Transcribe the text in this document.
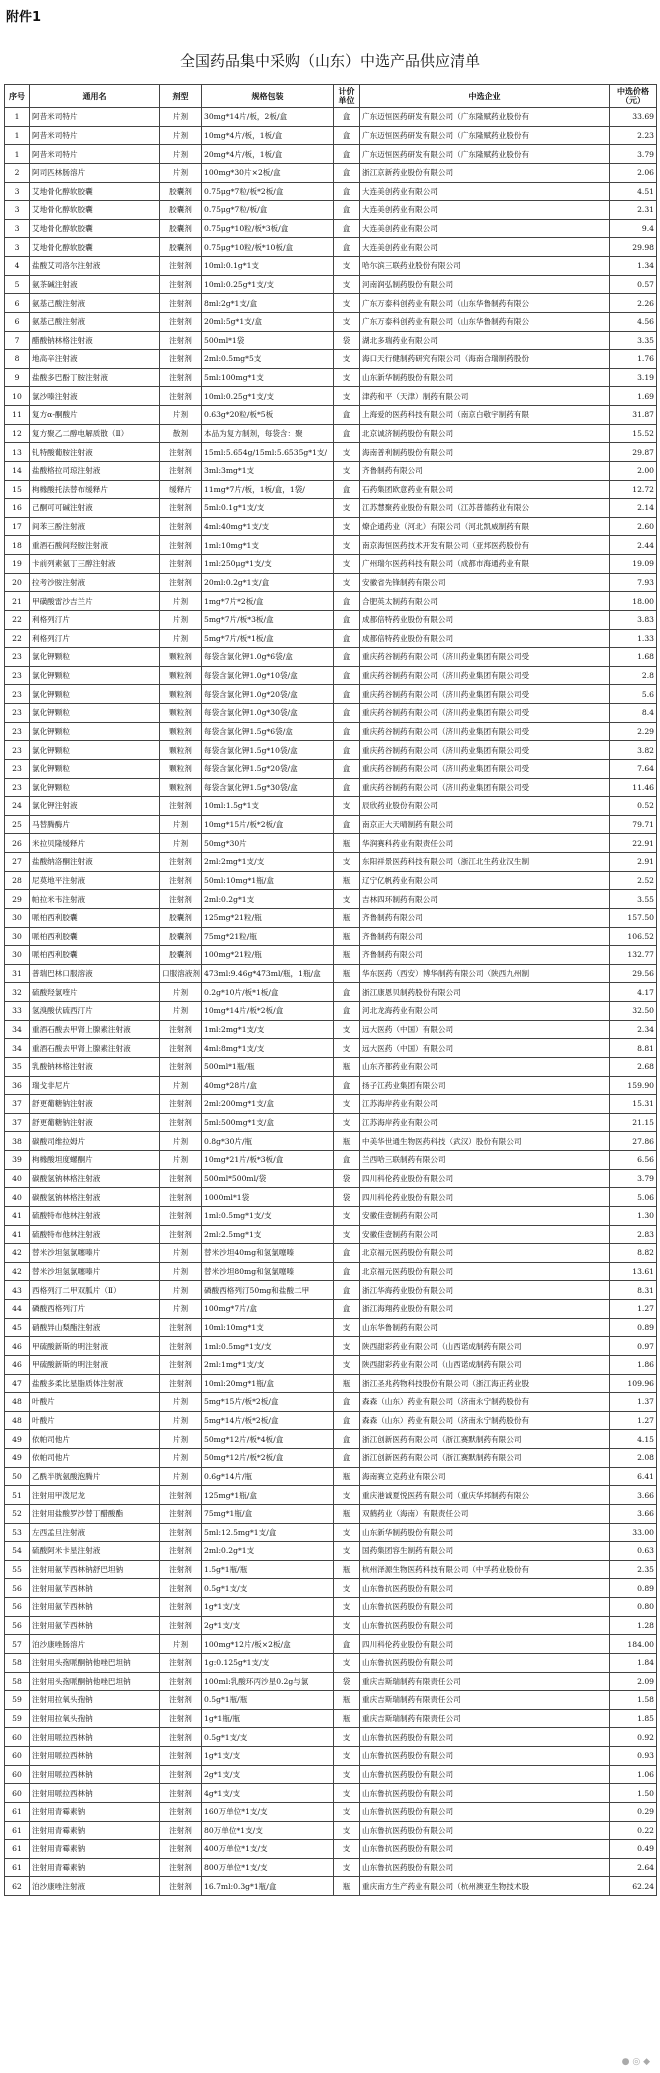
附件1
全国药品集中采购（山东）中选产品供应清单
序号	通用名	剂型	规格包装	计价单位	中选企业	中选价格（元）
1	阿昔米司特片	片剂	30mg*14片/板，2板/盒	盒	广东迈恒医药研发有限公司（广东隆赋药业股份有	33.69
1	阿昔米司特片	片剂	10mg*4片/板，1板/盒	盒	广东迈恒医药研发有限公司（广东隆赋药业股份有	2.23
1	阿昔米司特片	片剂	20mg*4片/板，1板/盒	盒	广东迈恒医药研发有限公司（广东隆赋药业股份有	3.79
2	阿司匹林肠溶片	片剂	100mg*30片×2板/盒	盒	浙江京新药业股份有限公司	2.06
3	艾地骨化醇软胶囊	胶囊剂	0.75μg*7粒/板*2板/盒	盒	大连美创药业有限公司	4.51
3	艾地骨化醇软胶囊	胶囊剂	0.75μg*7粒/板/盒	盒	大连美创药业有限公司	2.31
3	艾地骨化醇软胶囊	胶囊剂	0.75μg*10粒/板*3板/盒	盒	大连美创药业有限公司	9.4
3	艾地骨化醇软胶囊	胶囊剂	0.75μg*10粒/板*10板/盒	盒	大连美创药业有限公司	29.98
4	盐酸艾司洛尔注射液	注射剂	10ml:0.1g*1支	支	哈尔滨三联药业股份有限公司	1.34
5	氨茶碱注射液	注射剂	10ml:0.25g*1支/支	支	河南润弘制药股份有限公司	0.57
6	氨基己酸注射液	注射剂	8ml:2g*1支/盒	支	广东万泰科创药业有限公司（山东华鲁制药有限公	2.26
6	氨基己酸注射液	注射剂	20ml:5g*1支/盒	支	广东万泰科创药业有限公司（山东华鲁制药有限公	4.56
7	醋酸钠林格注射液	注射剂	500ml*1袋	袋	湖北多瑞药业有限公司	3.35
8	地高辛注射液	注射剂	2ml:0.5mg*5支	支	海口天行健制药研究有限公司（海南合瑞制药股份	1.76
9	盐酸多巴酚丁胺注射液	注射剂	5ml:100mg*1支	支	山东新华制药股份有限公司	3.19
10	氯沙嗪注射液	注射剂	10ml:0.25g*1支/支	支	津药和平（天津）制药有限公司	1.69
11	复方α-酮酸片	片剂	0.63g*20粒/板*5板	盒	上海爱的医药科技有限公司（南京白敬宇制药有限	31.87
12	复方聚乙二醇电解质散（Ⅱ）	散剂	本品为复方制剂，每袋含：聚	盒	北京诚济制药股份有限公司	15.52
13	钆特酸葡胺注射液	注射剂	15ml:5.654g/15ml:5.6535g*1支/	支	海南普利制药股份有限公司	29.87
14	盐酸格拉司琼注射液	注射剂	3ml:3mg*1支	支	齐鲁制药有限公司	2.00
15	枸橼酸托法替布缓释片	缓释片	11mg*7片/板，1板/盒，1袋/	盒	石药集团欧意药业有限公司	12.72
16	己酮可可碱注射液	注射剂	5ml:0.1g*1支/支	支	江苏慧聚药业股份有限公司（江苏普德药业有限公	2.14
17	间苯三酚注射液	注射剂	4ml:40mg*1支/支	支	燎企通药业（河北）有限公司（河北凯威制药有限	2.60
18	重酒石酸间羟胺注射液	注射剂	1ml:10mg*1支	支	南京海恒医药技术开发有限公司（亚邦医药股份有	2.44
19	卡前列素氨丁三醇注射液	注射剂	1ml:250μg*1支/支	支	广州瑞尔医药科技有限公司（成都市海通药业有限	19.09
20	拉考沙胺注射液	注射剂	20ml:0.2g*1支/盒	支	安徽省先锋制药有限公司	7.93
21	甲磺酸雷沙吉兰片	片剂	1mg*7片*2板/盒	盒	合肥英太制药有限公司	18.00
22	利格列汀片	片剂	5mg*7片/板*3板/盒	盒	成都倍特药业股份有限公司	3.83
22	利格列汀片	片剂	5mg*7片/板*1板/盒	盒	成都倍特药业股份有限公司	1.33
23	氯化钾颗粒	颗粒剂	每袋含氯化钾1.0g*6袋/盒	盒	重庆药谷制药有限公司（济川药业集团有限公司受	1.68
23	氯化钾颗粒	颗粒剂	每袋含氯化钾1.0g*10袋/盒	盒	重庆药谷制药有限公司（济川药业集团有限公司受	2.8
23	氯化钾颗粒	颗粒剂	每袋含氯化钾1.0g*20袋/盒	盒	重庆药谷制药有限公司（济川药业集团有限公司受	5.6
23	氯化钾颗粒	颗粒剂	每袋含氯化钾1.0g*30袋/盒	盒	重庆药谷制药有限公司（济川药业集团有限公司受	8.4
23	氯化钾颗粒	颗粒剂	每袋含氯化钾1.5g*6袋/盒	盒	重庆药谷制药有限公司（济川药业集团有限公司受	2.29
23	氯化钾颗粒	颗粒剂	每袋含氯化钾1.5g*10袋/盒	盒	重庆药谷制药有限公司（济川药业集团有限公司受	3.82
23	氯化钾颗粒	颗粒剂	每袋含氯化钾1.5g*20袋/盒	盒	重庆药谷制药有限公司（济川药业集团有限公司受	7.64
23	氯化钾颗粒	颗粒剂	每袋含氯化钾1.5g*30袋/盒	盒	重庆药谷制药有限公司（济川药业集团有限公司受	11.46
24	氯化钾注射液	注射剂	10ml:1.5g*1支	支	辰欣药业股份有限公司	0.52
25	马替腾酶片	片剂	10mg*15片/板*2板/盒	盒	南京正大天晴制药有限公司	79.71
26	米拉贝隆缓释片	片剂	50mg*30片	瓶	华润赛科药业有限责任公司	22.91
27	盐酸纳洛酮注射液	注射剂	2ml:2mg*1支/支	支	东阳祥景医药科技有限公司（浙江北生药业汉生制	2.91
28	尼莫地平注射液	注射剂	50ml:10mg*1瓶/盒	瓶	辽宁亿帆药业有限公司	2.52
29	帕拉米韦注射液	注射剂	2ml:0.2g*1支	支	吉林四环制药有限公司	3.55
30	哌柏西利胶囊	胶囊剂	125mg*21粒/瓶	瓶	齐鲁制药有限公司	157.50
30	哌柏西利胶囊	胶囊剂	75mg*21粒/瓶	瓶	齐鲁制药有限公司	106.52
30	哌柏西利胶囊	胶囊剂	100mg*21粒/瓶	瓶	齐鲁制药有限公司	132.77
31	普瑞巴林口服溶液	口服溶液剂	473ml:9.46g*473ml/瓶，1瓶/盒	瓶	华东医药（西安）博华制药有限公司（陕西九州制	29.56
32	硫酸羟氯喹片	片剂	0.2g*10片/板*1板/盒	盒	浙江康恩贝制药股份有限公司	4.17
33	氢溴酸伏硫西汀片	片剂	10mg*14片/板*2板/盒	盒	河北龙海药业有限公司	32.50
34	重酒石酸去甲肾上腺素注射液	注射剂	1ml:2mg*1支/支	支	远大医药（中国）有限公司	2.34
34	重酒石酸去甲肾上腺素注射液	注射剂	4ml:8mg*1支/支	支	远大医药（中国）有限公司	8.81
35	乳酸钠林格注射液	注射剂	500ml*1瓶/瓶	瓶	山东齐都药业有限公司	2.68
36	瑞戈非尼片	片剂	40mg*28片/盒	盒	扬子江药业集团有限公司	159.90
37	舒更葡糖钠注射液	注射剂	2ml:200mg*1支/盒	支	江苏海岸药业有限公司	15.31
37	舒更葡糖钠注射液	注射剂	5ml:500mg*1支/盒	支	江苏海岸药业有限公司	21.15
38	碳酸司维拉姆片	片剂	0.8g*30片/瓶	瓶	中美华世通生物医药科技（武汉）股份有限公司	27.86
39	枸橼酸坦度螺酮片	片剂	10mg*21片/板*3板/盒	盒	兰西哈三联制药有限公司	6.56
40	碳酸氢钠林格注射液	注射剂	500ml*500ml/袋	袋	四川科伦药业股份有限公司	3.79
40	碳酸氢钠林格注射液	注射剂	1000ml*1袋	袋	四川科伦药业股份有限公司	5.06
41	硫酸特布他林注射液	注射剂	1ml:0.5mg*1支/支	支	安徽佳壹制药有限公司	1.30
41	硫酸特布他林注射液	注射剂	2ml:2.5mg*1支	支	安徽佳壹制药有限公司	2.83
42	替米沙坦氢氯噻嗪片	片剂	替米沙坦40mg和氢氯噻嗪	盒	北京福元医药股份有限公司	8.82
42	替米沙坦氢氯噻嗪片	片剂	替米沙坦80mg和氢氯噻嗪	盒	北京福元医药股份有限公司	13.61
43	西格列汀二甲双胍片（Ⅱ）	片剂	磷酸西格列汀50mg和盐酸二甲	盒	浙江华海药业股份有限公司	8.31
44	磷酸西格列汀片	片剂	100mg*7片/盒	盒	浙江海翔药业股份有限公司	1.27
45	硝酸异山梨酯注射液	注射剂	10ml:10mg*1支	支	山东华鲁制药有限公司	0.89
46	甲硫酸新斯的明注射液	注射剂	1ml:0.5mg*1支/支	支	陕西甜彩药业有限公司（山西诺成制药有限公司	0.97
46	甲硫酸新斯的明注射液	注射剂	2ml:1mg*1支/支	支	陕西甜彩药业有限公司（山西诺成制药有限公司	1.86
47	盐酸多柔比星脂质体注射液	注射剂	10ml:20mg*1瓶/盒	瓶	浙江圣兆药物科技股份有限公司（浙江海正药业股	109.96
48	叶酸片	片剂	5mg*15片/板*2板/盒	盒	森森（山东）药业有限公司（济南永宁制药股份有	1.37
48	叶酸片	片剂	5mg*14片/板*2板/盒	盒	森森（山东）药业有限公司（济南永宁制药股份有	1.27
49	依帕司他片	片剂	50mg*12片/板*4板/盒	盒	浙江创新医药有限公司（浙江赛默制药有限公司	4.15
49	依帕司他片	片剂	50mg*12片/板*2板/盒	盒	浙江创新医药有限公司（浙江赛默制药有限公司	2.08
50	乙酰半胱氨酸泡腾片	片剂	0.6g*14片/瓶	瓶	海南赛立克药业有限公司	6.41
51	注射用甲泼尼龙	注射剂	125mg*1瓶/盒	支	重庆港诚夏悦医药有限公司（重庆华邦制药有限公	3.66
52	注射用盐酸罗沙替丁醋酸酯	注射剂	75mg*1瓶/盒	瓶	双鹤药业（海南）有限责任公司	3.66
53	左西孟旦注射液	注射剂	5ml:12.5mg*1支/盒	支	山东新华制药股份有限公司	33.00
54	硫酸阿米卡星注射液	注射剂	2ml:0.2g*1支	支	国药集团容生制药有限公司	0.63
55	注射用氨苄西林钠舒巴坦钠	注射剂	1.5g*1瓶/瓶	瓶	杭州泽源生物医药科技有限公司（中孚药业股份有	2.35
56	注射用氨苄西林钠	注射剂	0.5g*1支/支	支	山东鲁抗医药股份有限公司	0.89
56	注射用氨苄西林钠	注射剂	1g*1支/支	支	山东鲁抗医药股份有限公司	0.80
56	注射用氨苄西林钠	注射剂	2g*1支/支	支	山东鲁抗医药股份有限公司	1.28
57	泊沙康唑肠溶片	片剂	100mg*12片/板×2板/盒	盒	四川科伦药业股份有限公司	184.00
58	注射用头孢哌酮钠他唑巴坦钠	注射剂	1g:0.125g*1支/支	支	山东鲁抗医药股份有限公司	1.84
58	注射用头孢哌酮钠他唑巴坦钠	注射剂	100ml:乳酸环丙沙星0.2g与氯	袋	重庆吉斯瑞制药有限责任公司	2.09
59	注射用拉氧头孢钠	注射剂	0.5g*1瓶/瓶	瓶	重庆吉斯瑞制药有限责任公司	1.58
59	注射用拉氧头孢钠	注射剂	1g*1瓶/瓶	瓶	重庆吉斯瑞制药有限责任公司	1.85
60	注射用哌拉西林钠	注射剂	0.5g*1支/支	支	山东鲁抗医药股份有限公司	0.92
60	注射用哌拉西林钠	注射剂	1g*1支/支	支	山东鲁抗医药股份有限公司	0.93
60	注射用哌拉西林钠	注射剂	2g*1支/支	支	山东鲁抗医药股份有限公司	1.06
60	注射用哌拉西林钠	注射剂	4g*1支/支	支	山东鲁抗医药股份有限公司	1.50
61	注射用青霉素钠	注射剂	160万单位*1支/支	支	山东鲁抗医药股份有限公司	0.29
61	注射用青霉素钠	注射剂	80万单位*1支/支	支	山东鲁抗医药股份有限公司	0.22
61	注射用青霉素钠	注射剂	400万单位*1支/支	支	山东鲁抗医药股份有限公司	0.49
61	注射用青霉素钠	注射剂	800万单位*1支/支	支	山东鲁抗医药股份有限公司	2.64
62	泊沙康唑注射液	注射剂	16.7ml:0.3g*1瓶/盒	瓶	重庆南方生产药业有限公司（杭州澳亚生物技术股	62.24
● ◎ ◆
